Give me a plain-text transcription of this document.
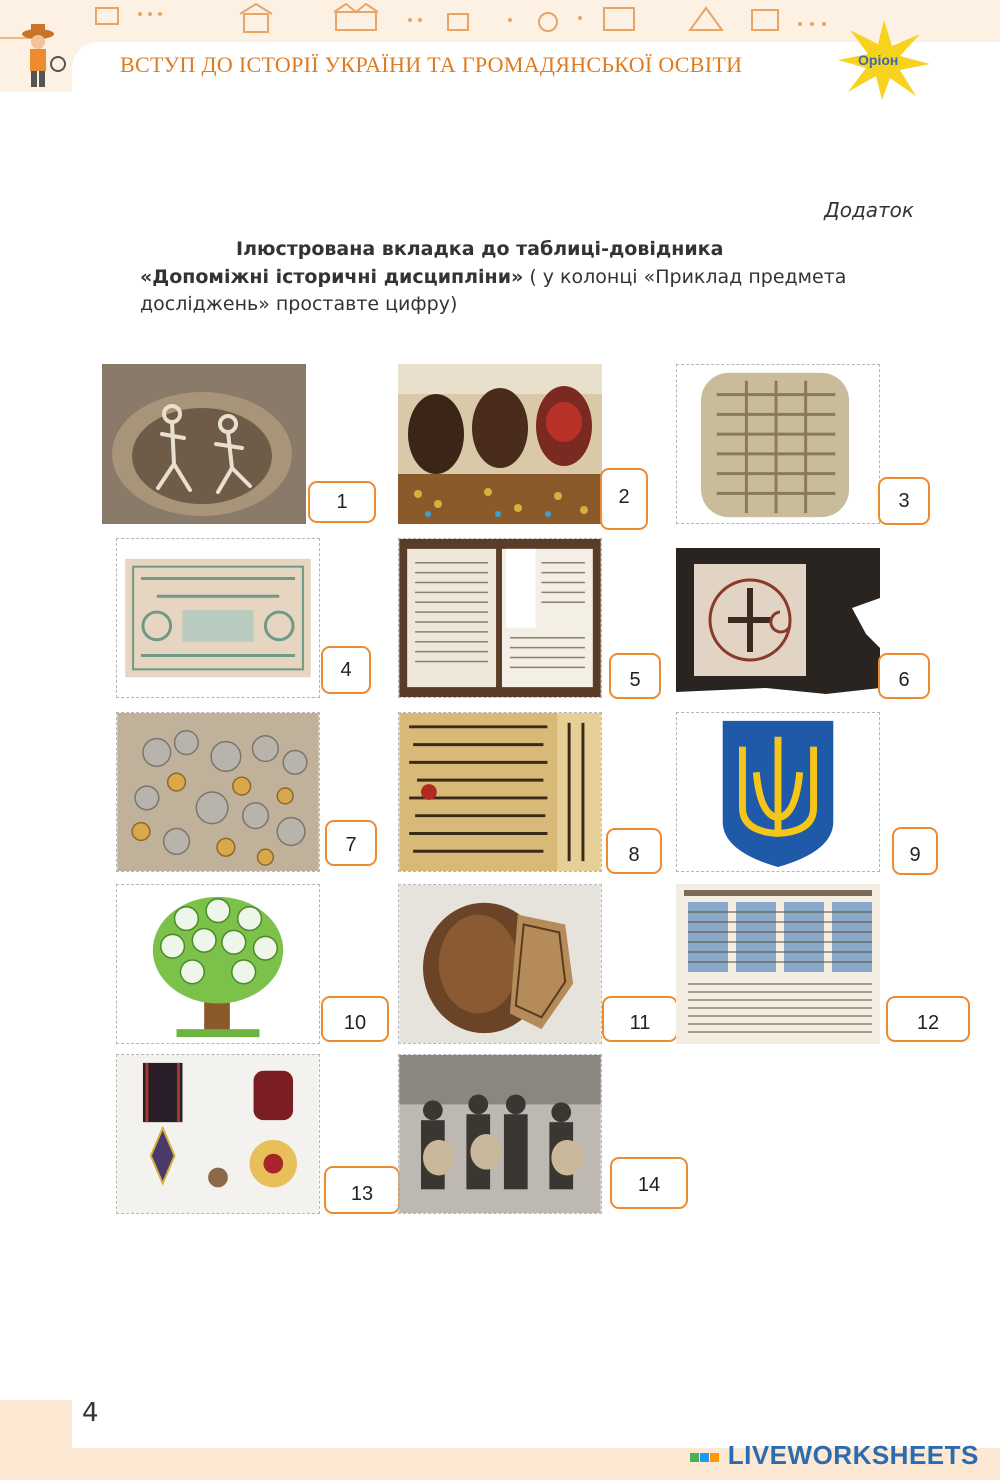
ВСТУП ДО ІСТОРІЇ УКРАЇНИ ТА ГРОМАДЯНСЬКОЇ ОСВІТИ	Оріон
Додаток
Ілюстрована вкладка до таблиці-довідника
«Допоміжні історичні дисципліни» ( у колонці «Приклад предмета
досліджень» проставте цифру)
1	2	3
4	5	6
7	8	9
10	11	12
13	14
4
LIVEWORKSHEETS
